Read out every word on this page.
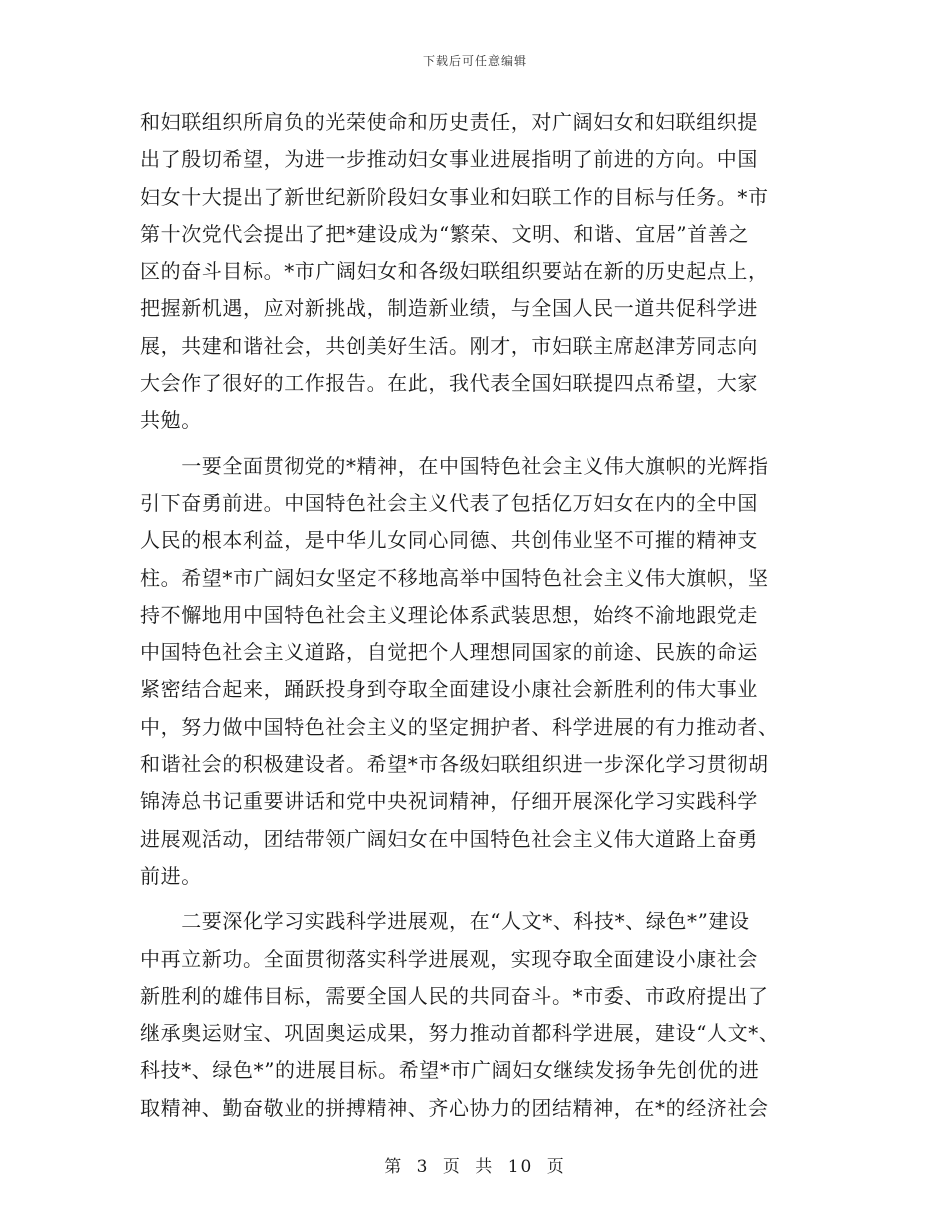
下载后可任意编辑
和妇联组织所肩负的光荣使命和历史责任，对广阔妇女和妇联组织提
出了殷切希望，为进一步推动妇女事业进展指明了前进的方向。中国
妇女十大提出了新世纪新阶段妇女事业和妇联工作的目标与任务。*市
第十次党代会提出了把*建设成为“繁荣、文明、和谐、宜居”首善之
区的奋斗目标。*市广阔妇女和各级妇联组织要站在新的历史起点上，
把握新机遇，应对新挑战，制造新业绩，与全国人民一道共促科学进
展，共建和谐社会，共创美好生活。刚才，市妇联主席赵津芳同志向
大会作了很好的工作报告。在此，我代表全国妇联提四点希望，大家
共勉。
　　一要全面贯彻党的*精神，在中国特色社会主义伟大旗帜的光辉指
引下奋勇前进。中国特色社会主义代表了包括亿万妇女在内的全中国
人民的根本利益，是中华儿女同心同德、共创伟业坚不可摧的精神支
柱。希望*市广阔妇女坚定不移地高举中国特色社会主义伟大旗帜，坚
持不懈地用中国特色社会主义理论体系武装思想，始终不渝地跟党走
中国特色社会主义道路，自觉把个人理想同国家的前途、民族的命运
紧密结合起来，踊跃投身到夺取全面建设小康社会新胜利的伟大事业
中，努力做中国特色社会主义的坚定拥护者、科学进展的有力推动者、
和谐社会的积极建设者。希望*市各级妇联组织进一步深化学习贯彻胡
锦涛总书记重要讲话和党中央祝词精神，仔细开展深化学习实践科学
进展观活动，团结带领广阔妇女在中国特色社会主义伟大道路上奋勇
前进。
　　二要深化学习实践科学进展观，在“人文*、科技*、绿色*”建设
中再立新功。全面贯彻落实科学进展观，实现夺取全面建设小康社会
新胜利的雄伟目标，需要全国人民的共同奋斗。*市委、市政府提出了
继承奥运财宝、巩固奥运成果，努力推动首都科学进展，建设“人文*、
科技*、绿色*”的进展目标。希望*市广阔妇女继续发扬争先创优的进
取精神、勤奋敬业的拼搏精神、齐心协力的团结精神，在*的经济社会
第 3 页 共 10 页
